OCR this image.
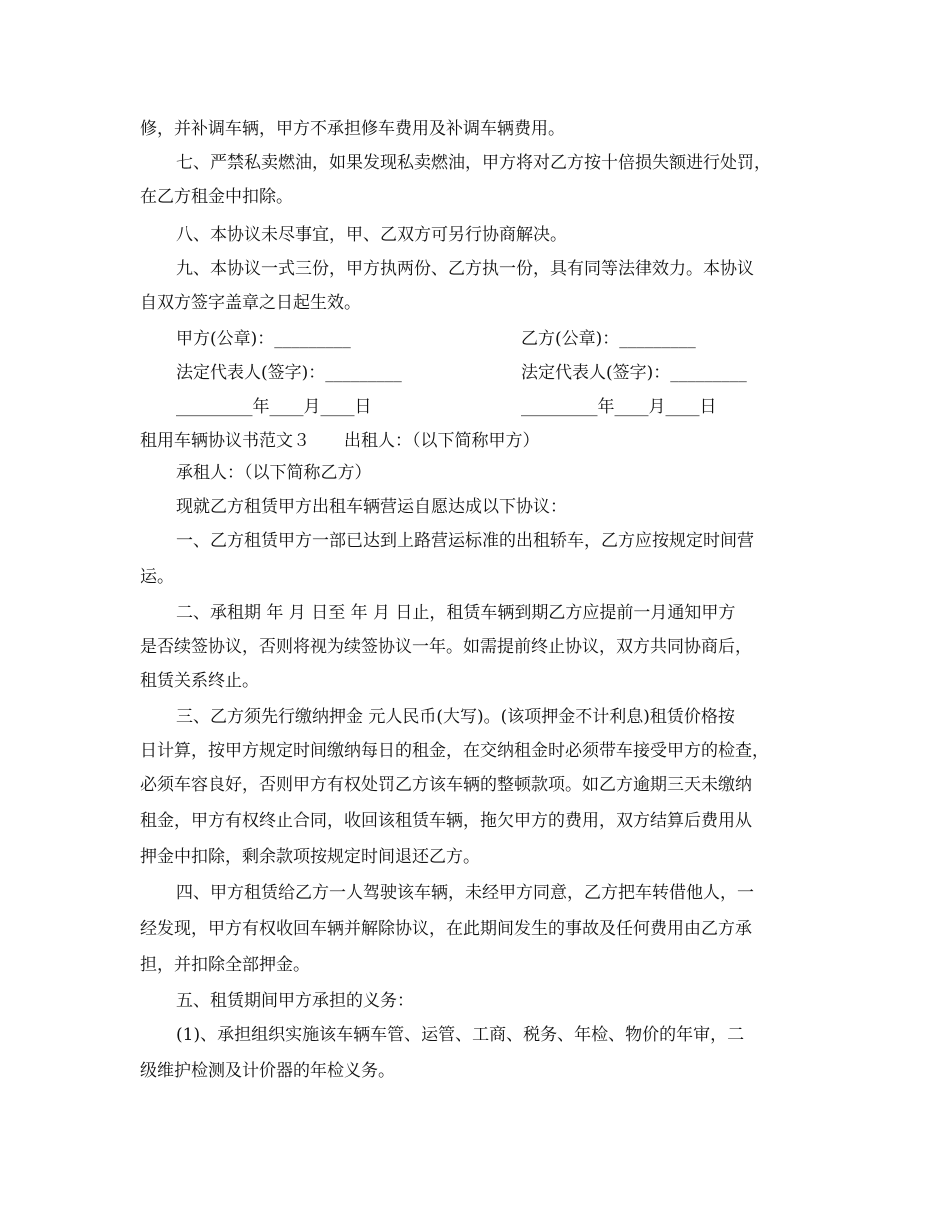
修，并补调车辆，甲方不承担修车费用及补调车辆费用。
七、严禁私卖燃油，如果发现私卖燃油，甲方将对乙方按十倍损失额进行处罚，
在乙方租金中扣除。
八、本协议未尽事宜，甲、乙双方可另行协商解决。
九、本协议一式三份，甲方执两份、乙方执一份，具有同等法律效力。本协议
自双方签字盖章之日起生效。
甲方(公章)：_________	乙方(公章)：_________
法定代表人(签字)：_________	法定代表人(签字)：_________
_________年____月____日	_________年____月____日
租用车辆协议书范文３　　出租人：（以下简称甲方）
承租人：（以下简称乙方）
现就乙方租赁甲方出租车辆营运自愿达成以下协议：
一、乙方租赁甲方一部已达到上路营运标准的出租轿车，乙方应按规定时间营
运。
二、承租期 年 月 日至 年 月 日止，租赁车辆到期乙方应提前一月通知甲方
是否续签协议，否则将视为续签协议一年。如需提前终止协议，双方共同协商后，
租赁关系终止。
三、乙方须先行缴纳押金 元人民币(大写)。(该项押金不计利息)租赁价格按
日计算，按甲方规定时间缴纳每日的租金，在交纳租金时必须带车接受甲方的检查，
必须车容良好，否则甲方有权处罚乙方该车辆的整顿款项。如乙方逾期三天未缴纳
租金，甲方有权终止合同，收回该租赁车辆，拖欠甲方的费用，双方结算后费用从
押金中扣除，剩余款项按规定时间退还乙方。
四、甲方租赁给乙方一人驾驶该车辆，未经甲方同意，乙方把车转借他人，一
经发现，甲方有权收回车辆并解除协议，在此期间发生的事故及任何费用由乙方承
担，并扣除全部押金。
五、租赁期间甲方承担的义务：
(1)、承担组织实施该车辆车管、运管、工商、税务、年检、物价的年审，二
级维护检测及计价器的年检义务。
